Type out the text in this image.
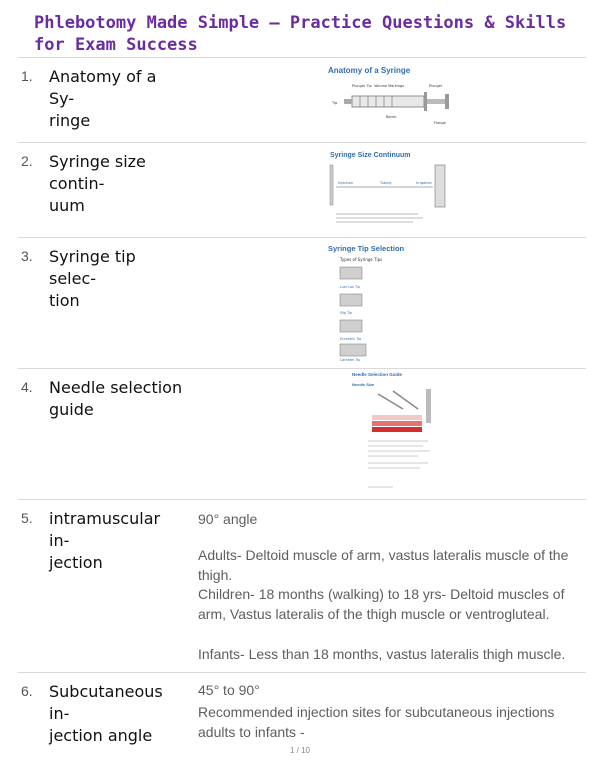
Phlebotomy Made Simple — Practice Questions & Skills for Exam Success
1. Anatomy of a Sy-
ringe
Anatomy of a Syringe
Plunger Tip Volume Markings	Plunger
Tip
Barrel
Flange
2. Syringe size contin-
uum
Syringe Size Continuum
Injection	Tubing	Irrigation
3. Syringe tip selec-
tion
Syringe Tip Selection
Types of Syringe Tips
Luer Lok Tip
Slip Tip
Eccentric Tip
Catheter Tip
4. Needle selection
guide
Needle Selection Guide
Needle Size
5. intramuscular in-
jection
90° angle
Adults- Deltoid muscle of arm, vastus lateralis muscle of the thigh.
Children- 18 months (walking) to 18 yrs- Deltoid muscles of arm, Vastus lateralis of the thigh muscle or ventrogluteal.
Infants- Less than 18 months, vastus lateralis thigh muscle.
6. Subcutaneous in-
jection angle
45° to 90°
Recommended injection sites for subcutaneous injections adults to infants -
1 / 10
